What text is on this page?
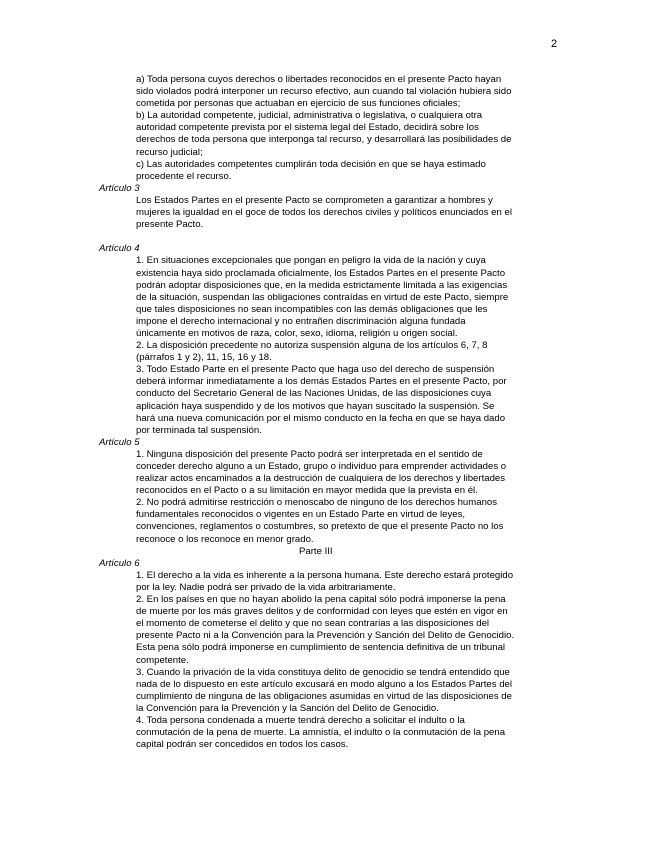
2
a) Toda persona cuyos derechos o libertades reconocidos en el presente Pacto hayan
sido violados podrá interponer un recurso efectivo, aun cuando tal violación hubiera sido
cometida por personas que actuaban en ejercicio de sus funciones oficiales;
b) La autoridad competente, judicial, administrativa o legislativa, o cualquiera otra
autoridad competente prevista por el sistema legal del Estado, decidirá sobre los
derechos de toda persona que interponga tal recurso, y desarrollará las posibilidades de
recurso judicial;
c) Las autoridades competentes cumplirán toda decisión en que se haya estimado
procedente el recurso.
Artículo 3
Los Estados Partes en el presente Pacto se comprometen a garantizar a hombres y
mujeres la igualdad en el goce de todos los derechos civiles y políticos enunciados en el
presente Pacto.
Artículo 4
1. En situaciones excepcionales que pongan en peligro la vida de la nación y cuya
existencia haya sido proclamada oficialmente, los Estados Partes en el presente Pacto
podrán adoptar disposiciones que, en la medida estrictamente limitada a las exigencias
de la situación, suspendan las obligaciones contraídas en virtud de este Pacto, siempre
que tales disposiciones no sean incompatibles con las demás obligaciones que les
impone el derecho internacional y no entrañen discriminación alguna fundada
únicamente en motivos de raza, color, sexo, idioma, religión u origen social.
2. La disposición precedente no autoriza suspensión alguna de los artículos 6, 7, 8
(párrafos 1 y 2), 11, 15, 16 y 18.
3. Todo Estado Parte en el presente Pacto que haga uso del derecho de suspensión
deberá informar inmediatamente a los demás Estados Partes en el presente Pacto, por
conducto del Secretario General de las Naciones Unidas, de las disposiciones cuya
aplicación haya suspendido y de los motivos que hayan suscitado la suspensión. Se
hará una nueva comunicación por el mismo conducto en la fecha en que se haya dado
por terminada tal suspensión.
Artículo 5
1. Ninguna disposición del presente Pacto podrá ser interpretada en el sentido de
conceder derecho alguno a un Estado, grupo o individuo para emprender actividades o
realizar actos encaminados a la destrucción de cualquiera de los derechos y libertades
reconocidos en el Pacto o a su limitación en mayor medida que la prevista en él.
2. No podrá admitirse restricción o menoscabo de ninguno de los derechos humanos
fundamentales reconocidos o vigentes en un Estado Parte en virtud de leyes,
convenciones, reglamentos o costumbres, so pretexto de que el presente Pacto no los
reconoce o los reconoce en menor grado.
Parte III
Artículo 6
1. El derecho a la vida es inherente a la persona humana. Este derecho estará protegido
por la ley. Nadie podrá ser privado de la vida arbitrariamente.
2. En los países en que no hayan abolido la pena capital sólo podrá imponerse la pena
de muerte por los más graves delitos y de conformidad con leyes que estén en vigor en
el momento de cometerse el delito y que no sean contrarias a las disposiciones del
presente Pacto ni a la Convención para la Prevención y Sanción del Delito de Genocidio.
Esta pena sólo podrá imponerse en cumplimiento de sentencia definitiva de un tribunal
competente.
3. Cuando la privación de la vida constituya delito de genocidio se tendrá entendido que
nada de lo dispuesto en este artículo excusará en modo alguno a los Estados Partes del
cumplimiento de ninguna de las obligaciones asumidas en virtud de las disposiciones de
la Convención para la Prevención y la Sanción del Delito de Genocidio.
4. Toda persona condenada a muerte tendrá derecho a solicitar el indulto o la
conmutación de la pena de muerte. La amnistía, el indulto o la conmutación de la pena
capital podrán ser concedidos en todos los casos.
